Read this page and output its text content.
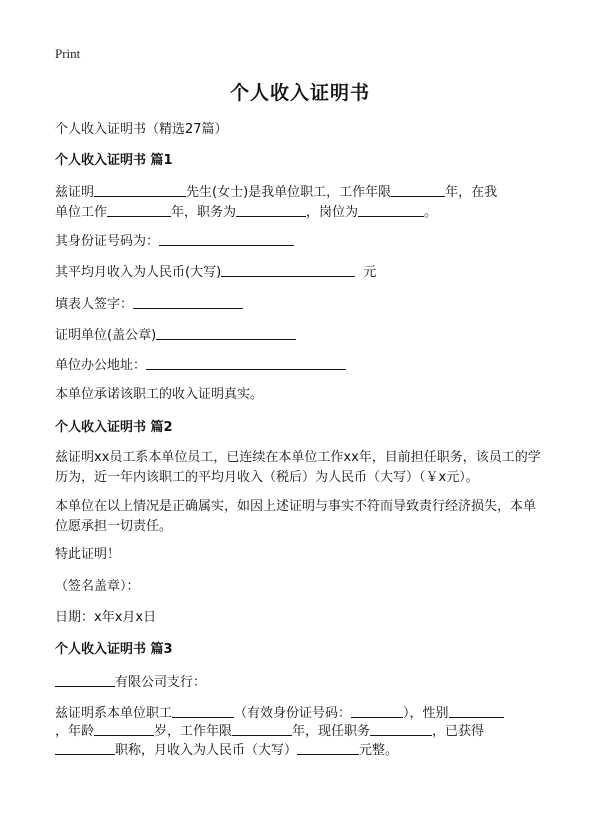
Print
个人收入证明书
个人收入证明书（精选27篇）
个人收入证明书 篇1
兹证明	先生(女士)是我单位职工，工作年限	年，在我
单位工作	年，职务为	，岗位为	。
其身份证号码为：
其平均月收入为人民币(大写)	元
填表人签字：
证明单位(盖公章)
单位办公地址：
本单位承诺该职工的收入证明真实。
个人收入证明书 篇2
兹证明xx员工系本单位员工，已连续在本单位工作xx年，目前担任职务，该员工的学历为，近一年内该职工的平均月收入（税后）为人民币（大写）（￥x元）。
本单位在以上情况是正确属实，如因上述证明与事实不符而导致责行经济损失，本单位愿承担一切责任。
特此证明！
（签名盖章）：
日期：x年x月x日
个人收入证明书 篇3
有限公司支行：
兹证明系本单位职工	（有效身份证号码：	），性别
，年龄	岁，工作年限	年，现任职务	，已获得
职称，月收入为人民币（大写）	元整。
